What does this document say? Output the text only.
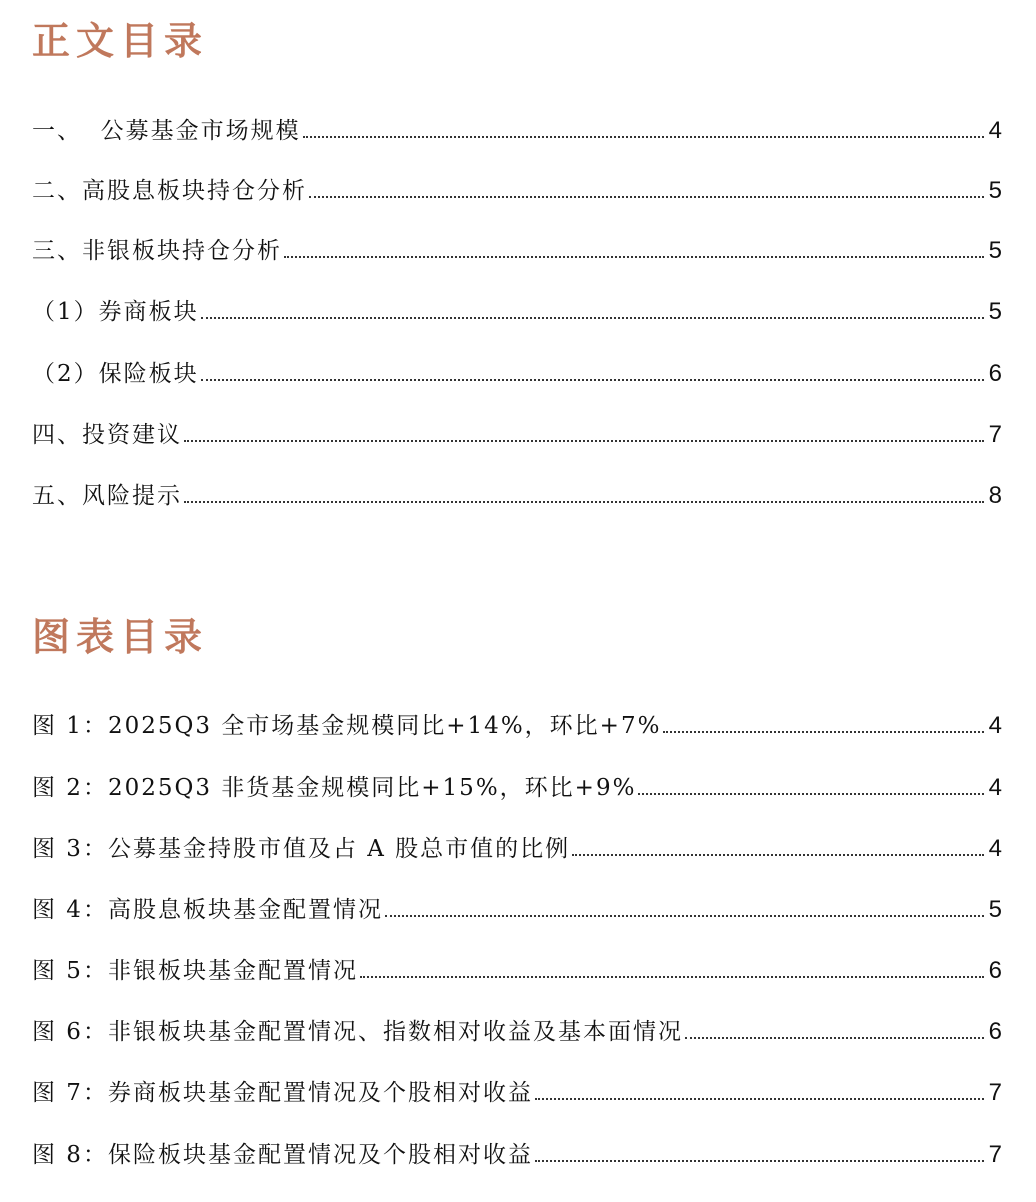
正文目录
一、  公募基金市场规模	4
二、高股息板块持仓分析	5
三、非银板块持仓分析	5
（1）券商板块	5
（2）保险板块	6
四、投资建议	7
五、风险提示	8
图表目录
图 1：2025Q3 全市场基金规模同比+14%，环比+7%	4
图 2：2025Q3 非货基金规模同比+15%，环比+9%	4
图 3：公募基金持股市值及占 A 股总市值的比例	4
图 4：高股息板块基金配置情况	5
图 5：非银板块基金配置情况	6
图 6：非银板块基金配置情况、指数相对收益及基本面情况	6
图 7：券商板块基金配置情况及个股相对收益	7
图 8：保险板块基金配置情况及个股相对收益	7
